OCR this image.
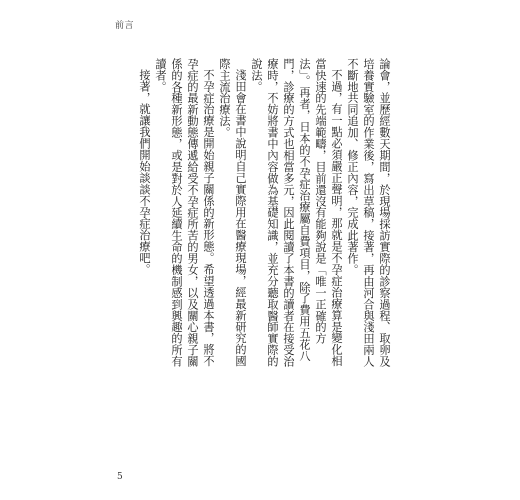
前言

論會，並歷經數天期間，於現場採訪實際的診察過程、取卵及培養實驗室的作業後，寫出草稿，接著，再由河合與淺田兩人不斷地共同追加、修正內容，完成此著作。

不過，有一點必須嚴正聲明，那就是不孕症治療算是變化相當快速的先端範疇，目前還沒有能夠說是「唯一正確的方法」。再者，日本的不孕症治療屬自費項目，除了費用五花八門，診療的方式也相當多元，因此閱讀了本書的讀者在接受治療時，不妨將書中內容做為基礎知識，並充分聽取醫師實際的說法。

淺田會在書中說明自己實際用在醫療現場，經最新研究的國際主流治療法。

不孕症治療是開始親子關係的新形態。希望透過本書，將不孕症的最新動態傳遞給受不孕症所苦的男女，以及關心親子關係的各種新形態，或是對於人延續生命的機制感到興趣的所有讀者。

接著，就讓我們開始談談不孕症治療吧。

5
